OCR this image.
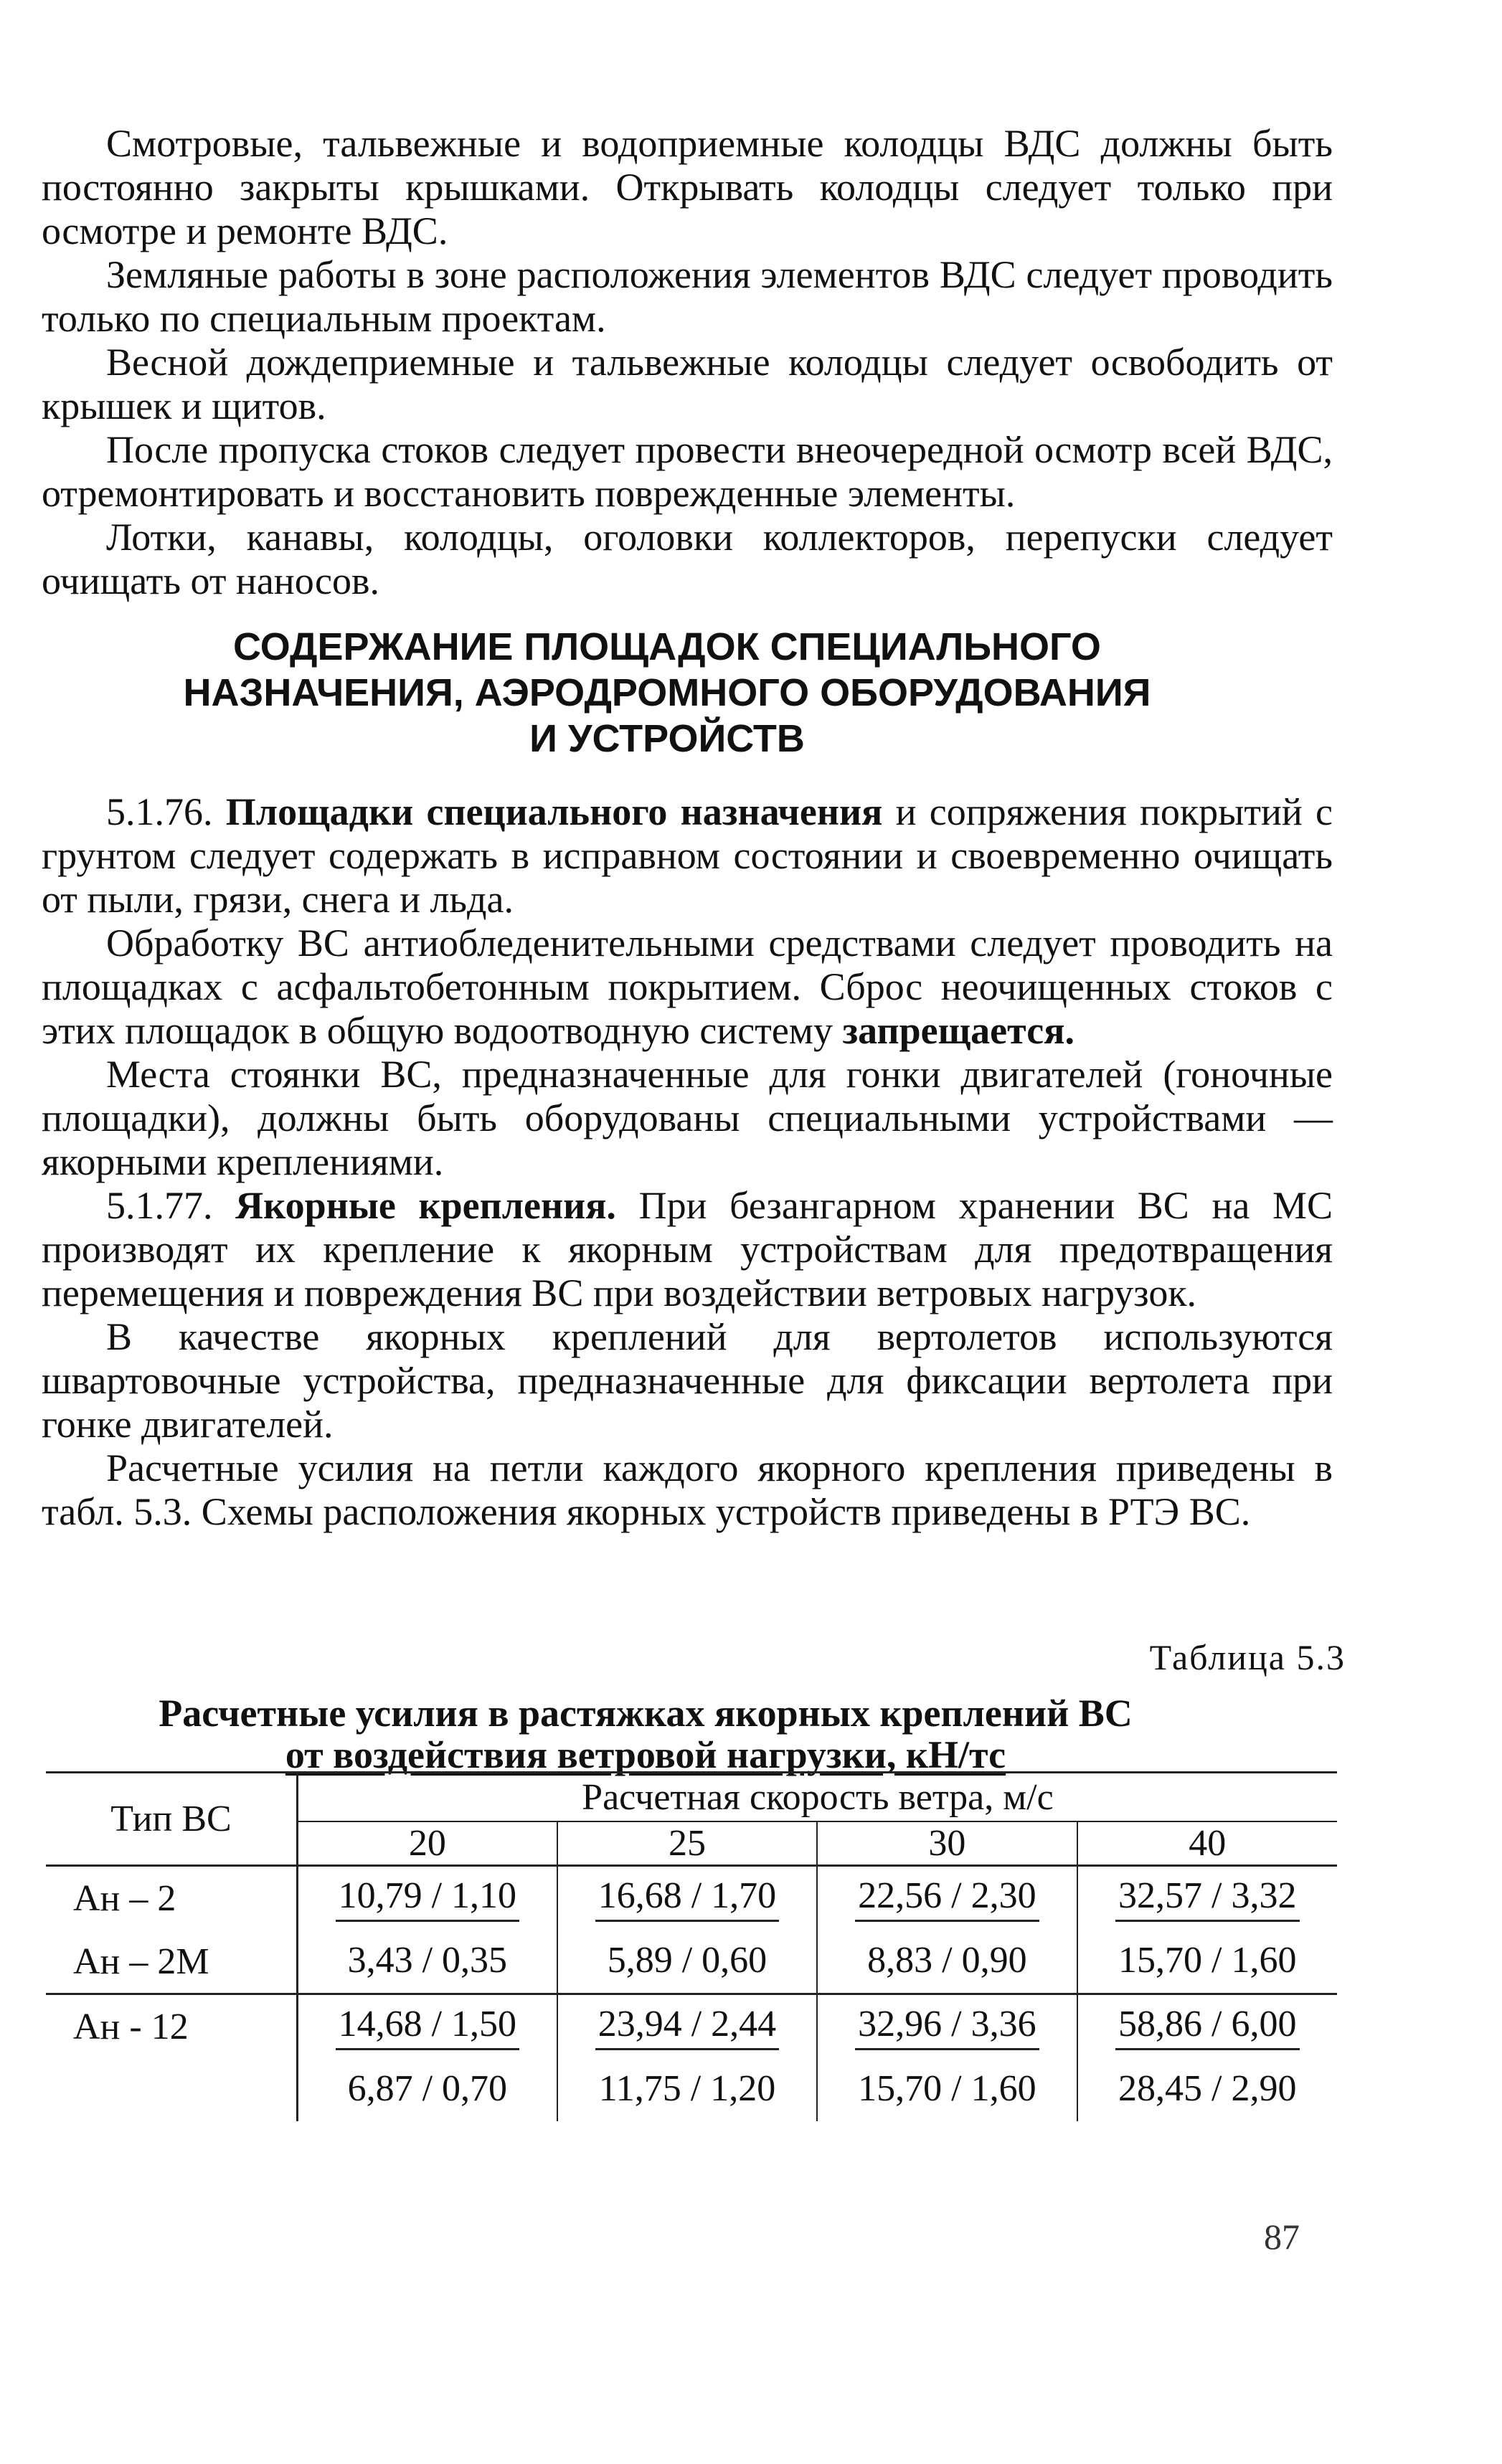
Смотровые, тальвежные и водоприемные колодцы ВДС должны быть постоянно закрыты крышками. Открывать колодцы следует только при осмотре и ремонте ВДС.

Земляные работы в зоне расположения элементов ВДС следует проводить только по специальным проектам.

Весной дождеприемные и тальвежные колодцы следует освободить от крышек и щитов.

После пропуска стоков следует провести внеочередной осмотр всей ВДС, отремонтировать и восстановить поврежденные элементы.

Лотки, канавы, колодцы, оголовки коллекторов, перепуски следует очищать от наносов.

СОДЕРЖАНИЕ ПЛОЩАДОК СПЕЦИАЛЬНОГО
НАЗНАЧЕНИЯ, АЭРОДРОМНОГО ОБОРУДОВАНИЯ
И УСТРОЙСТВ

5.1.76. Площадки специального назначения и сопряжения покрытий с грунтом следует содержать в исправном состоянии и своевременно очищать от пыли, грязи, снега и льда.

Обработку ВС антиобледенительными средствами следует проводить на площадках с асфальтобетонным покрытием. Сброс неочищенных стоков с этих площадок в общую водоотводную систему запрещается.

Места стоянки ВС, предназначенные для гонки двигателей (гоночные площадки), должны быть оборудованы специальными устройствами — якорными креплениями.

5.1.77. Якорные крепления. При безангарном хранении ВС на МС производят их крепление к якорным устройствам для предотвращения перемещения и повреждения ВС при воздействии ветровых нагрузок.

В качестве якорных креплений для вертолетов используются швартовочные устройства, предназначенные для фиксации вертолета при гонке двигателей.

Расчетные усилия на петли каждого якорного крепления приведены в табл. 5.3. Схемы расположения якорных устройств приведены в РТЭ ВС.

Таблица 5.3
Расчетные усилия в растяжках якорных креплений ВС
от воздействия ветровой нагрузки, кН/тс
Тип ВС	Расчетная скорость ветра, м/с			
	20	25	30	40
Ан – 2	10,79 / 1,10	16,68 / 1,70	22,56 / 2,30	32,57 / 3,32
Ан – 2М	3,43 / 0,35	5,89 / 0,60	8,83 / 0,90	15,70 / 1,60
Ан - 12	14,68 / 1,50	23,94 / 2,44	32,96 / 3,36	58,86 / 6,00
	6,87 / 0,70	11,75 / 1,20	15,70 / 1,60	28,45 / 2,90
87
